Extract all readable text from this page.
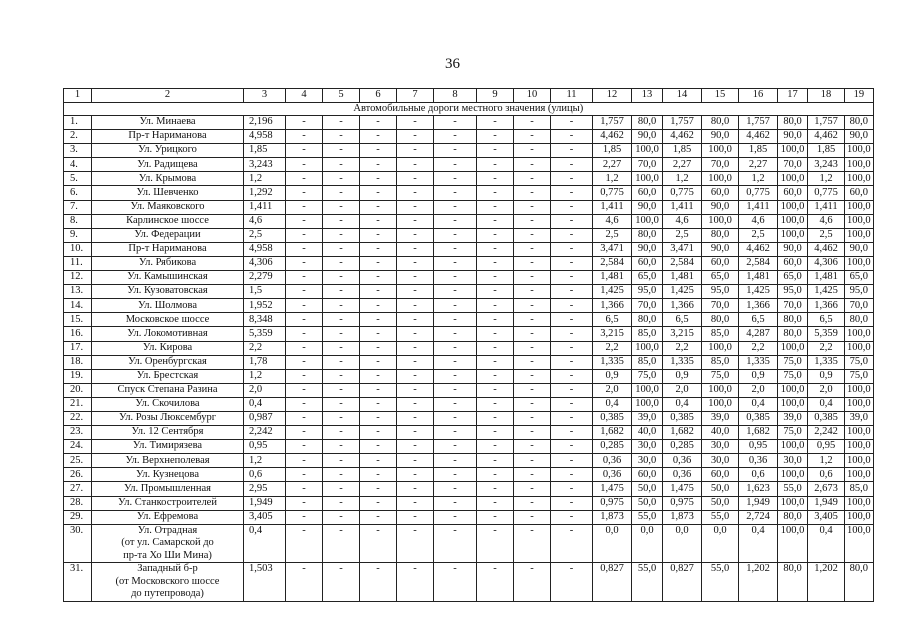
36
1	2	3	4	5	6	7	8	9	10	11	12	13	14	15	16	17	18	19
Автомобильные дороги местного значения (улицы)																		
1.	Ул. Минаева	2,196	-	-	-	-	-	-	-	-	1,757	80,0	1,757	80,0	1,757	80,0	1,757	80,0
2.	Пр-т Нариманова	4,958	-	-	-	-	-	-	-	-	4,462	90,0	4,462	90,0	4,462	90,0	4,462	90,0
3.	Ул. Урицкого	1,85	-	-	-	-	-	-	-	-	1,85	100,0	1,85	100,0	1,85	100,0	1,85	100,0
4.	Ул. Радищева	3,243	-	-	-	-	-	-	-	-	2,27	70,0	2,27	70,0	2,27	70,0	3,243	100,0
5.	Ул. Крымова	1,2	-	-	-	-	-	-	-	-	1,2	100,0	1,2	100,0	1,2	100,0	1,2	100,0
6.	Ул. Шевченко	1,292	-	-	-	-	-	-	-	-	0,775	60,0	0,775	60,0	0,775	60,0	0,775	60,0
7.	Ул. Маяковского	1,411	-	-	-	-	-	-	-	-	1,411	90,0	1,411	90,0	1,411	100,0	1,411	100,0
8.	Карлинское шоссе	4,6	-	-	-	-	-	-	-	-	4,6	100,0	4,6	100,0	4,6	100,0	4,6	100,0
9.	Ул. Федерации	2,5	-	-	-	-	-	-	-	-	2,5	80,0	2,5	80,0	2,5	100,0	2,5	100,0
10.	Пр-т Нариманова	4,958	-	-	-	-	-	-	-	-	3,471	90,0	3,471	90,0	4,462	90,0	4,462	90,0
11.	Ул. Рябикова	4,306	-	-	-	-	-	-	-	-	2,584	60,0	2,584	60,0	2,584	60,0	4,306	100,0
12.	Ул. Камышинская	2,279	-	-	-	-	-	-	-	-	1,481	65,0	1,481	65,0	1,481	65,0	1,481	65,0
13.	Ул. Кузоватовская	1,5	-	-	-	-	-	-	-	-	1,425	95,0	1,425	95,0	1,425	95,0	1,425	95,0
14.	Ул. Шолмова	1,952	-	-	-	-	-	-	-	-	1,366	70,0	1,366	70,0	1,366	70,0	1,366	70,0
15.	Московское шоссе	8,348	-	-	-	-	-	-	-	-	6,5	80,0	6,5	80,0	6,5	80,0	6,5	80,0
16.	Ул. Локомотивная	5,359	-	-	-	-	-	-	-	-	3,215	85,0	3,215	85,0	4,287	80,0	5,359	100,0
17.	Ул. Кирова	2,2	-	-	-	-	-	-	-	-	2,2	100,0	2,2	100,0	2,2	100,0	2,2	100,0
18.	Ул. Оренбургская	1,78	-	-	-	-	-	-	-	-	1,335	85,0	1,335	85,0	1,335	75,0	1,335	75,0
19.	Ул. Брестская	1,2	-	-	-	-	-	-	-	-	0,9	75,0	0,9	75,0	0,9	75,0	0,9	75,0
20.	Спуск Степана Разина	2,0	-	-	-	-	-	-	-	-	2,0	100,0	2,0	100,0	2,0	100,0	2,0	100,0
21.	Ул. Скочилова	0,4	-	-	-	-	-	-	-	-	0,4	100,0	0,4	100,0	0,4	100,0	0,4	100,0
22.	Ул. Розы Люксембург	0,987	-	-	-	-	-	-	-	-	0,385	39,0	0,385	39,0	0,385	39,0	0,385	39,0
23.	Ул. 12 Сентября	2,242	-	-	-	-	-	-	-	-	1,682	40,0	1,682	40,0	1,682	75,0	2,242	100,0
24.	Ул. Тимирязева	0,95	-	-	-	-	-	-	-	-	0,285	30,0	0,285	30,0	0,95	100,0	0,95	100,0
25.	Ул. Верхнеполевая	1,2	-	-	-	-	-	-	-	-	0,36	30,0	0,36	30,0	0,36	30,0	1,2	100,0
26.	Ул. Кузнецова	0,6	-	-	-	-	-	-	-	-	0,36	60,0	0,36	60,0	0,6	100,0	0,6	100,0
27.	Ул. Промышленная	2,95	-	-	-	-	-	-	-	-	1,475	50,0	1,475	50,0	1,623	55,0	2,673	85,0
28.	Ул. Станкостроителей	1,949	-	-	-	-	-	-	-	-	0,975	50,0	0,975	50,0	1,949	100,0	1,949	100,0
29.	Ул. Ефремова	3,405	-	-	-	-	-	-	-	-	1,873	55,0	1,873	55,0	2,724	80,0	3,405	100,0
30.	Ул. Отрадная
(от ул. Самарской до
пр-та Хо Ши Мина)	0,4	-	-	-	-	-	-	-	-	0,0	0,0	0,0	0,0	0,4	100,0	0,4	100,0
31.	Западный б-р
(от Московского шоссе
до путепровода)	1,503	-	-	-	-	-	-	-	-	0,827	55,0	0,827	55,0	1,202	80,0	1,202	80,0
